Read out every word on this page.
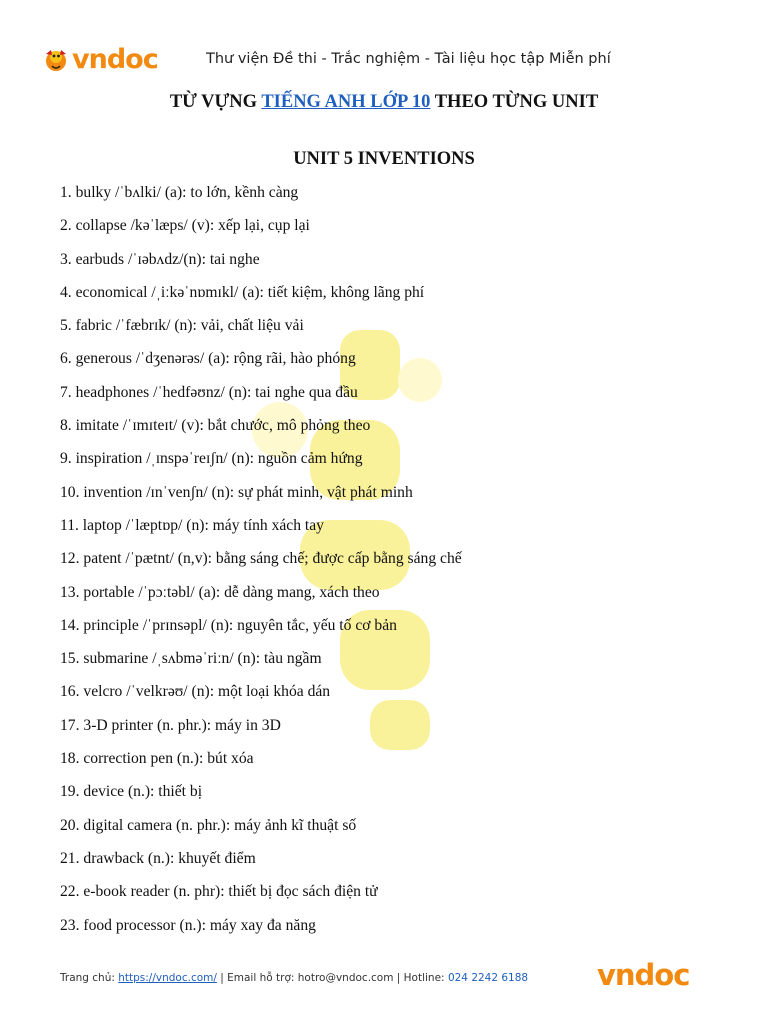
vndoc	Thư viện Đề thi - Trắc nghiệm - Tài liệu học tập Miễn phí
TỪ VỰNG TIẾNG ANH LỚP 10 THEO TỪNG UNIT
UNIT 5 INVENTIONS
1. bulky /ˈbʌlki/ (a): to lớn, kềnh càng
2. collapse /kəˈlæps/ (v): xếp lại, cụp lại
3. earbuds /ˈɪəbʌdz/(n): tai nghe
4. economical /ˌiːkəˈnɒmɪkl/ (a): tiết kiệm, không lãng phí
5. fabric /ˈfæbrɪk/ (n): vải, chất liệu vải
6. generous /ˈdʒenərəs/ (a): rộng rãi, hào phóng
7. headphones /ˈhedfəʊnz/ (n): tai nghe qua đầu
8. imitate /ˈɪmɪteɪt/ (v): bắt chước, mô phỏng theo
9. inspiration /ˌɪnspəˈreɪʃn/ (n): nguồn cảm hứng
10. invention /ɪnˈvenʃn/ (n): sự phát minh, vật phát minh
11. laptop /ˈlæptɒp/ (n): máy tính xách tay
12. patent /ˈpætnt/ (n,v): bằng sáng chế; được cấp bằng sáng chế
13. portable /ˈpɔːtəbl/ (a): dễ dàng mang, xách theo
14. principle /ˈprɪnsəpl/ (n): nguyên tắc, yếu tố cơ bản
15. submarine /ˌsʌbməˈriːn/ (n): tàu ngầm
16. velcro /ˈvelkrəʊ/ (n): một loại khóa dán
17. 3-D printer (n. phr.): máy in 3D
18. correction pen (n.): bút xóa
19. device (n.): thiết bị
20. digital camera (n. phr.): máy ảnh kĩ thuật số
21. drawback (n.): khuyết điểm
22. e-book reader (n. phr): thiết bị đọc sách điện tử
23. food processor (n.): máy xay đa năng
Trang chủ: https://vndoc.com/ | Email hỗ trợ: hotro@vndoc.com | Hotline: 024 2242 6188 vndoc
